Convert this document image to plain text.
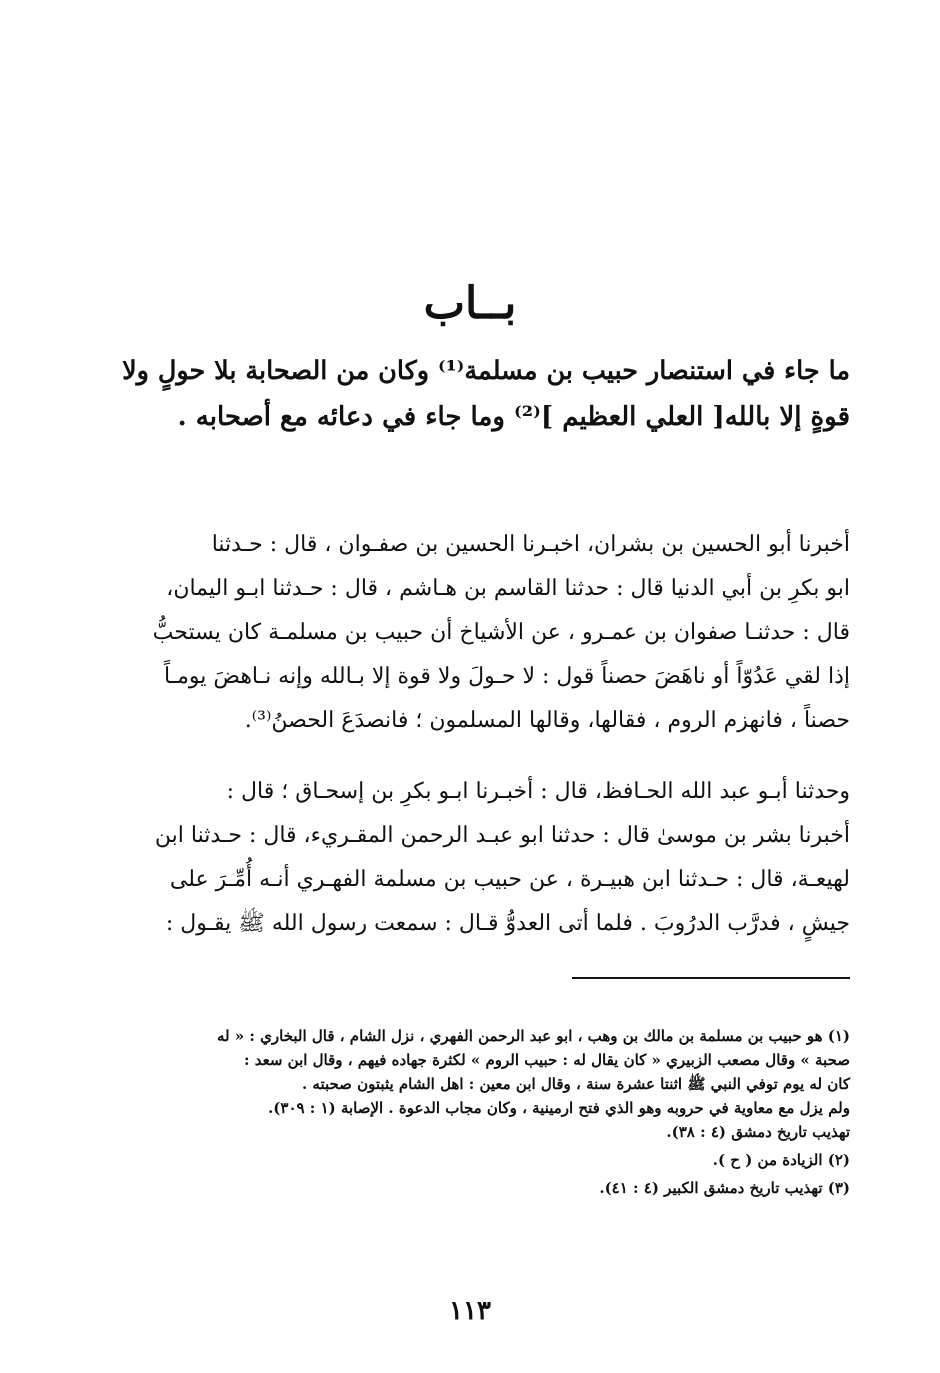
بــاب
ما جاء في استنصار حبيب بن مسلمة⁽¹⁾ وكان من الصحابة بلا حولٍ ولا
قوةٍ إلا بالله[ العلي العظيم ]⁽²⁾ وما جاء في دعائه مع أصحابه .
أخبرنا أبو الحسين بن بشران، اخبـرنا الحسين بن صفـوان ، قال : حـدثنا
ابو بكرِ بن أبي الدنيا قال : حدثنا القاسم بن هـاشم ، قال : حـدثنا ابـو اليمان،
قال : حدثنـا صفوان بن عمـرو ، عن الأشياخ أن حبيب بن مسلمـة كان يستحبُّ
إذا لقي عَدُوّاً أو ناهَضَ حصناً قول : لا حـولَ ولا قوة إلا بـالله وإنه نـاهضَ يومـاً
حصناً ، فانهزم الروم ، فقالها، وقالها المسلمون ؛ فانصدَعَ الحصنُ⁽³⁾.
وحدثنا أبـو عبد الله الحـافظ، قال : أخبـرنا ابـو بكرِ بن إسحـاق ؛ قال :
أخبرنا بشر بن موسىٰ قال : حدثنا ابو عبـد الرحمن المقـريء، قال : حـدثنا ابن
لهيعـة، قال : حـدثنا ابن هبيـرة ، عن حبيب بن مسلمة الفهـري أنـه أُمِّـرَ على
جيشٍ ، فدرَّب الدرُوبَ . فلما أتى العدوُّ قـال : سمعت رسول الله ﷺ يقـول :
(١) هو حبيب بن مسلمة بن مالك بن وهب ، ابو عبد الرحمن الفهري ، نزل الشام ، قال البخاري : « له
صحبة » وقال مصعب الزبيري « كان يقال له : حبيب الروم » لكثرة جهاده فيهم ، وقال ابن سعد :
كان له يوم توفي النبي ﷺ اثنتا عشرة سنة ، وقال ابن معين : اهل الشام يثبتون صحبته .
ولم يزل مع معاوية في حروبه وهو الذي فتح ارمينية ، وكان مجاب الدعوة . الإصابة (١ : ٣٠٩).
تهذيب تاريخ دمشق (٤ : ٣٨).
(٢) الزيادة من ( ح ).
(٣) تهذيب تاريخ دمشق الكبير (٤ : ٤١).
١١٣
